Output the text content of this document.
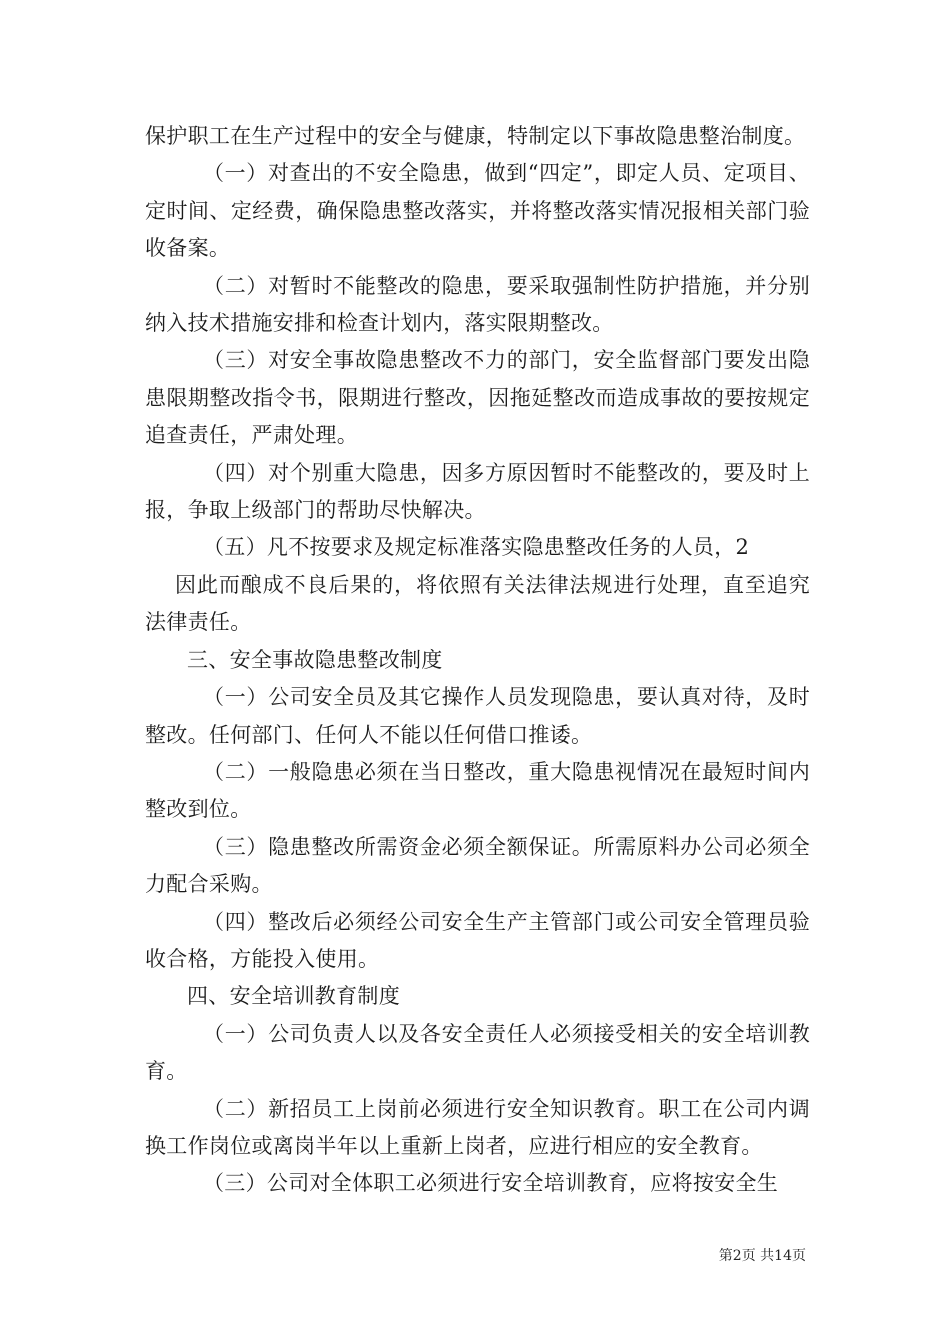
保护职工在生产过程中的安全与健康，特制定以下事故隐患整治制度。

（一）对查出的不安全隐患，做到“四定”，即定人员、定项目、定时间、定经费，确保隐患整改落实，并将整改落实情况报相关部门验收备案。

（二）对暂时不能整改的隐患，要采取强制性防护措施，并分别纳入技术措施安排和检查计划内，落实限期整改。

（三）对安全事故隐患整改不力的部门，安全监督部门要发出隐患限期整改指令书，限期进行整改，因拖延整改而造成事故的要按规定追查责任，严肃处理。

（四）对个别重大隐患，因多方原因暂时不能整改的，要及时上报，争取上级部门的帮助尽快解决。

（五）凡不按要求及规定标准落实隐患整改任务的人员，2

因此而酿成不良后果的，将依照有关法律法规进行处理，直至追究法律责任。

三、安全事故隐患整改制度

（一）公司安全员及其它操作人员发现隐患，要认真对待，及时整改。任何部门、任何人不能以任何借口推诿。

（二）一般隐患必须在当日整改，重大隐患视情况在最短时间内整改到位。

（三）隐患整改所需资金必须全额保证。所需原料办公司必须全力配合采购。

（四）整改后必须经公司安全生产主管部门或公司安全管理员验收合格，方能投入使用。

四、安全培训教育制度

（一）公司负责人以及各安全责任人必须接受相关的安全培训教育。

（二）新招员工上岗前必须进行安全知识教育。职工在公司内调换工作岗位或离岗半年以上重新上岗者，应进行相应的安全教育。

（三）公司对全体职工必须进行安全培训教育，应将按安全生

第2页 共14页
